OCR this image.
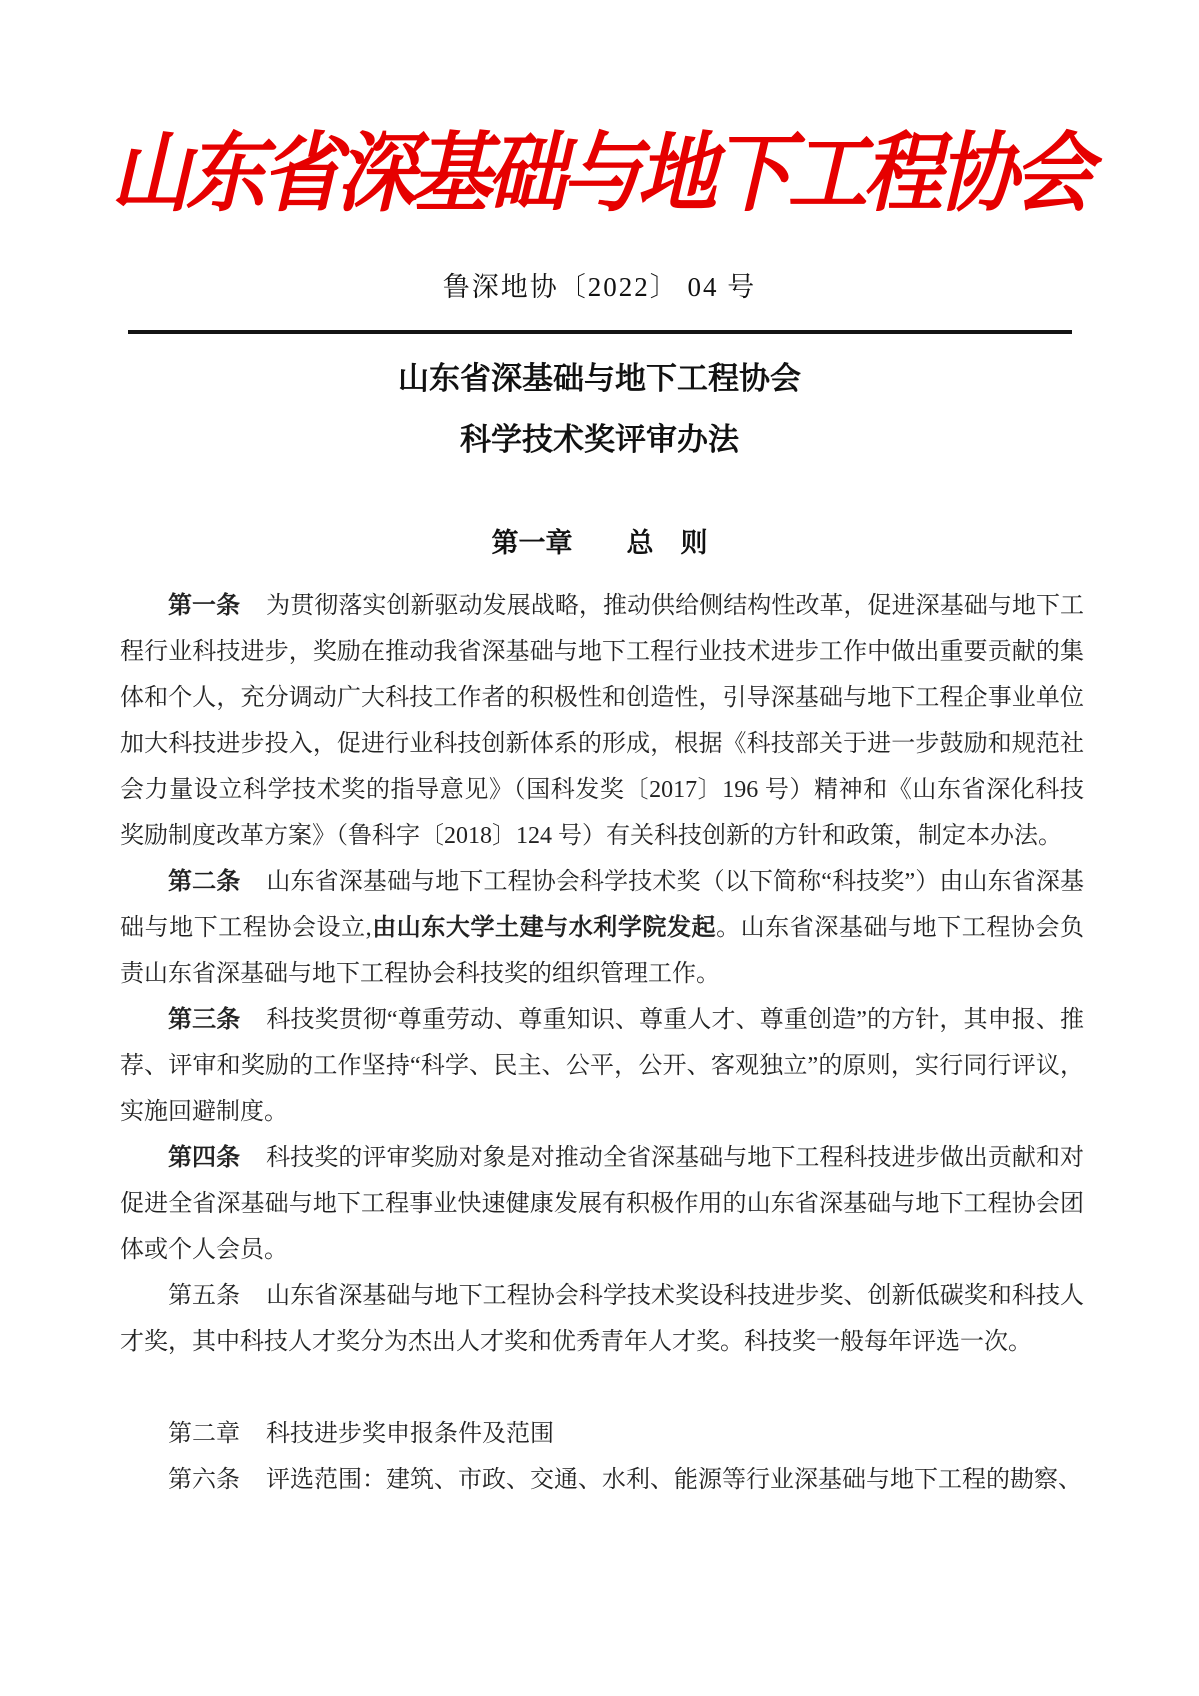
山东省深基础与地下工程协会
鲁深地协〔2022〕 04 号
山东省深基础与地下工程协会
科学技术奖评审办法
第一章　　总　则

第一条 为贯彻落实创新驱动发展战略，推动供给侧结构性改革，促进深基础与地下工程行业科技进步，奖励在推动我省深基础与地下工程行业技术进步工作中做出重要贡献的集体和个人，充分调动广大科技工作者的积极性和创造性，引导深基础与地下工程企事业单位加大科技进步投入，促进行业科技创新体系的形成，根据《科技部关于进一步鼓励和规范社会力量设立科学技术奖的指导意见》（国科发奖〔2017〕196 号）精神和《山东省深化科技奖励制度改革方案》（鲁科字〔2018〕124 号）有关科技创新的方针和政策，制定本办法。

第二条 山东省深基础与地下工程协会科学技术奖（以下简称“科技奖”）由山东省深基础与地下工程协会设立,由山东大学土建与水利学院发起。山东省深基础与地下工程协会负责山东省深基础与地下工程协会科技奖的组织管理工作。

第三条 科技奖贯彻“尊重劳动、尊重知识、尊重人才、尊重创造”的方针，其申报、推荐、评审和奖励的工作坚持“科学、民主、公平，公开、客观独立”的原则，实行同行评议，实施回避制度。

第四条 科技奖的评审奖励对象是对推动全省深基础与地下工程科技进步做出贡献和对促进全省深基础与地下工程事业快速健康发展有积极作用的山东省深基础与地下工程协会团体或个人会员。

第五条 山东省深基础与地下工程协会科学技术奖设科技进步奖、创新低碳奖和科技人才奖，其中科技人才奖分为杰出人才奖和优秀青年人才奖。科技奖一般每年评选一次。

第二章 科技进步奖申报条件及范围

第六条 评选范围：建筑、市政、交通、水利、能源等行业深基础与地下工程的勘察、
